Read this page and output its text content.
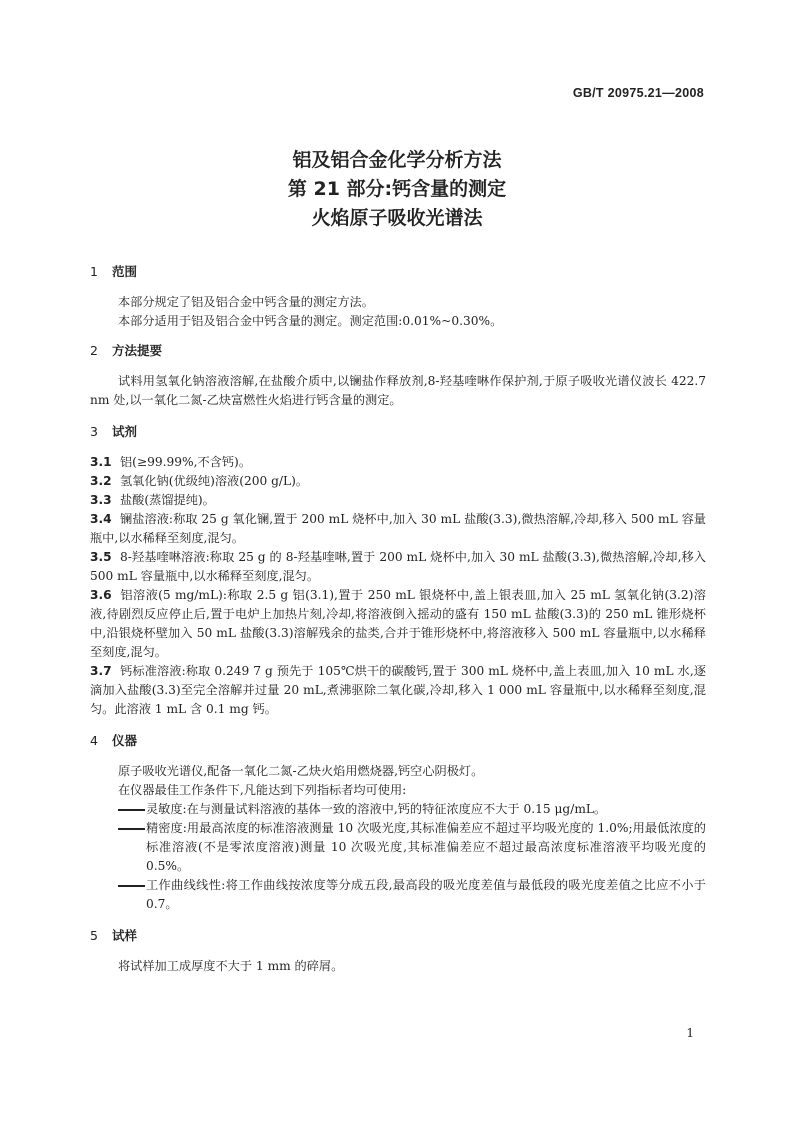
GB/T 20975.21—2008
铝及铝合金化学分析方法
第 21 部分:钙含量的测定
火焰原子吸收光谱法

1 范围

本部分规定了铝及铝合金中钙含量的测定方法。

本部分适用于铝及铝合金中钙含量的测定。测定范围:0.01%~0.30%。

2 方法提要

试料用氢氧化钠溶液溶解,在盐酸介质中,以镧盐作释放剂,8-羟基喹啉作保护剂,于原子吸收光谱仪波长 422.7 nm 处,以一氧化二氮-乙炔富燃性火焰进行钙含量的测定。

3 试剂

3.1 铝(≥99.99%,不含钙)。

3.2 氢氧化钠(优级纯)溶液(200 g/L)。

3.3 盐酸(蒸馏提纯)。

3.4 镧盐溶液:称取 25 g 氧化镧,置于 200 mL 烧杯中,加入 30 mL 盐酸(3.3),微热溶解,冷却,移入 500 mL 容量瓶中,以水稀释至刻度,混匀。

3.5 8-羟基喹啉溶液:称取 25 g 的 8-羟基喹啉,置于 200 mL 烧杯中,加入 30 mL 盐酸(3.3),微热溶解,冷却,移入 500 mL 容量瓶中,以水稀释至刻度,混匀。

3.6 铝溶液(5 mg/mL):称取 2.5 g 铝(3.1),置于 250 mL 银烧杯中,盖上银表皿,加入 25 mL 氢氧化钠(3.2)溶液,待剧烈反应停止后,置于电炉上加热片刻,冷却,将溶液倒入摇动的盛有 150 mL 盐酸(3.3)的 250 mL 锥形烧杯中,沿银烧杯壁加入 50 mL 盐酸(3.3)溶解残余的盐类,合并于锥形烧杯中,将溶液移入 500 mL 容量瓶中,以水稀释至刻度,混匀。

3.7 钙标准溶液:称取 0.249 7 g 预先于 105℃烘干的碳酸钙,置于 300 mL 烧杯中,盖上表皿,加入 10 mL 水,逐滴加入盐酸(3.3)至完全溶解并过量 20 mL,煮沸驱除二氧化碳,冷却,移入 1 000 mL 容量瓶中,以水稀释至刻度,混匀。此溶液 1 mL 含 0.1 mg 钙。

4 仪器

原子吸收光谱仪,配备一氧化二氮-乙炔火焰用燃烧器,钙空心阴极灯。

在仪器最佳工作条件下,凡能达到下列指标者均可使用:

灵敏度:在与测量试料溶液的基体一致的溶液中,钙的特征浓度应不大于 0.15 μg/mL。

精密度:用最高浓度的标准溶液测量 10 次吸光度,其标准偏差应不超过平均吸光度的 1.0%;用最低浓度的标准溶液(不是零浓度溶液)测量 10 次吸光度,其标准偏差应不超过最高浓度标准溶液平均吸光度的 0.5%。

工作曲线线性:将工作曲线按浓度等分成五段,最高段的吸光度差值与最低段的吸光度差值之比应不小于 0.7。

5 试样

将试样加工成厚度不大于 1 mm 的碎屑。

1
